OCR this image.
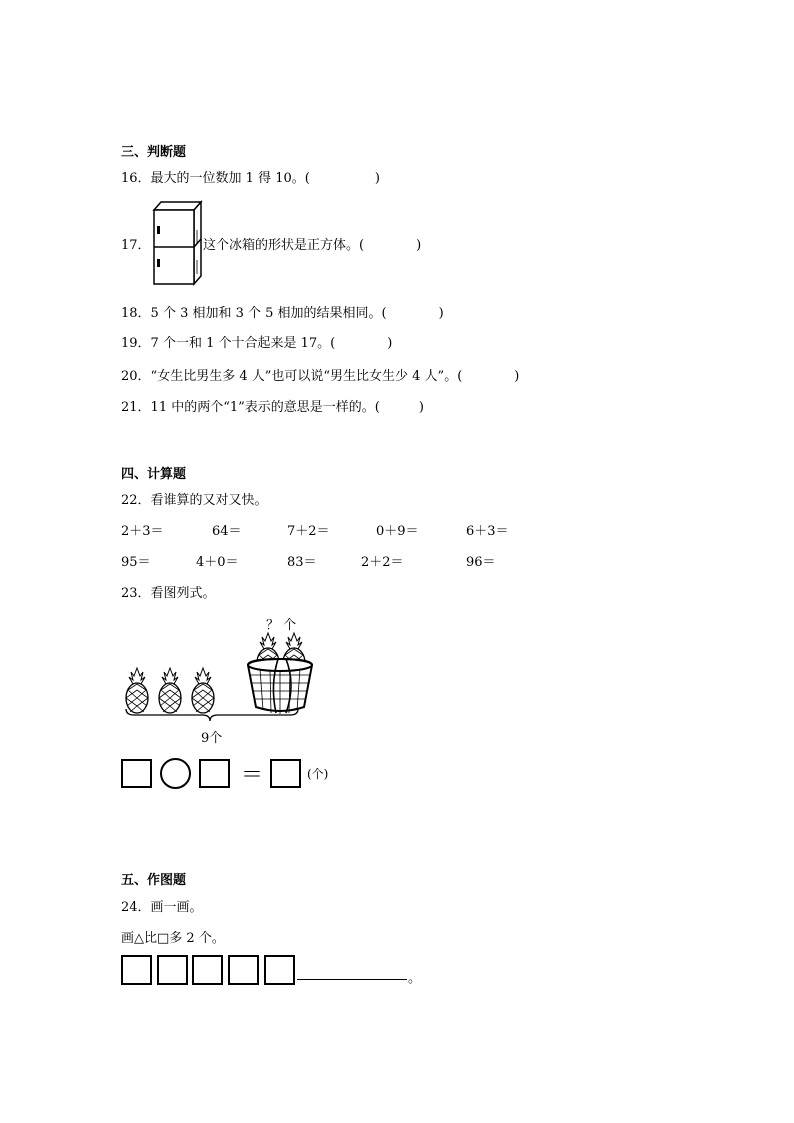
三、判断题
16．最大的一位数加 1 得 10。(　　　　　)
17．	这个冰箱的形状是正方体。(　　　　)
18．5 个 3 相加和 3 个 5 相加的结果相同。(　　　　)
19．7 个一和 1 个十合起来是 17。(　　　　)
20．“女生比男生多 4 人”也可以说“男生比女生少 4 人”。(　　　　)
21．11 中的两个“1”表示的意思是一样的。(　　　)
四、计算题
22．看谁算的又对又快。
2＋3＝	64＝	7＋2＝	0＋9＝	6＋3＝
95＝	4＋0＝	83＝	2＋2＝	96＝
23．看图列式。
？ 个
9个
＝	(个)
五、作图题
24．画一画。
画△比□多 2 个。
。
